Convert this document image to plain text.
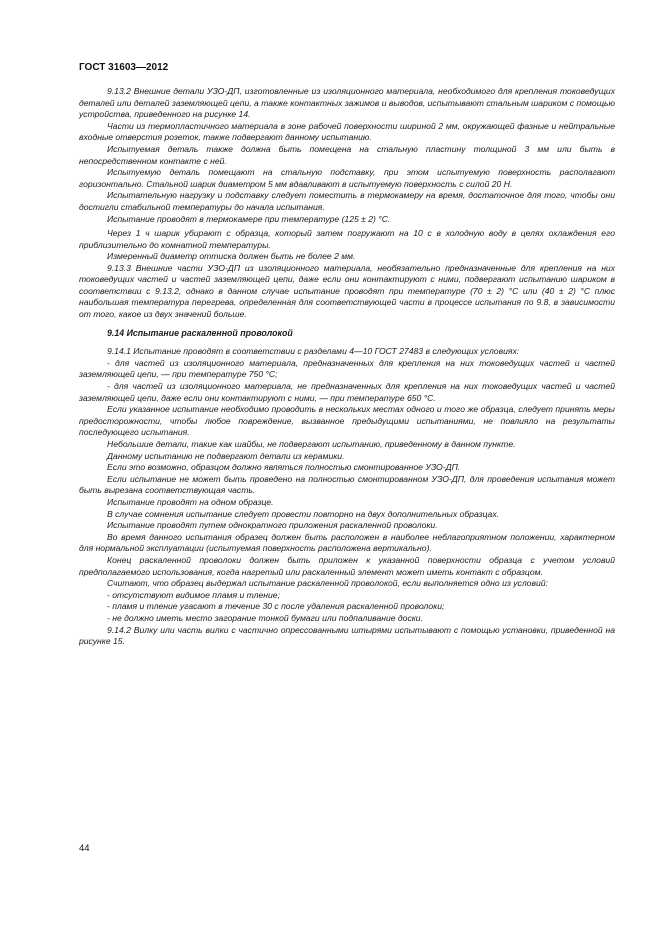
ГОСТ 31603—2012

9.13.2 Внешние детали УЗО-ДП, изготовленные из изоляционного материала, необходимого для крепления токоведущих деталей или деталей заземляющей цепи, а также контактных зажимов и выводов, испытывают стальным шариком с помощью устройства, приведенного на рисунке 14.

Части из термопластичного материала в зоне рабочей поверхности шириной 2 мм, окружающей фазные и нейтральные входные отверстия розеток, также подвергают данному испытанию.

Испытуемая деталь также должна быть помещена на стальную пластину толщиной 3 мм или быть в непосредственном контакте с ней.

Испытуемую деталь помещают на стальную подставку, при этом испытуемую поверхность располагают горизонтально. Стальной шарик диаметром 5 мм вдавливают в испытуемую поверхность с силой 20 Н.

Испытательную нагрузку и подставку следует поместить в термокамеру на время, достаточное для того, чтобы они достигли стабильной температуры до начала испытания.

Испытание проводят в термокамере при температуре (125 ± 2) °С.

Через 1 ч шарик убирают с образца, который затем погружают на 10 с в холодную воду в целях охлаждения его приблизительно до комнатной температуры.

Измеренный диаметр оттиска должен быть не более 2 мм.

9.13.3 Внешние части УЗО-ДП из изоляционного материала, необязательно предназначенные для крепления на них токоведущих частей и частей заземляющей цепи, даже если они контактируют с ними, подвергают испытанию шариком в соответствии с 9.13.2, однако в данном случае испытание проводят при температуре (70 ± 2) °С или (40 ± 2) °С плюс наибольшая температура перегрева, определенная для соответствующей части в процессе испытания по 9.8, в зависимости от того, какое из двух значений больше.

9.14 Испытание раскаленной проволокой

9.14.1 Испытание проводят в соответствии с разделами 4—10 ГОСТ 27483 в следующих условиях:

- для частей из изоляционного материала, предназначенных для крепления на них токоведущих частей и частей заземляющей цепи, — при температуре 750 °С;

- для частей из изоляционного материала, не предназначенных для крепления на них токоведущих частей и частей заземляющей цепи, даже если они контактируют с ними, — при температуре 650 °С.

Если указанное испытание необходимо проводить в нескольких местах одного и того же образца, следует принять меры предосторожности, чтобы любое повреждение, вызванное предыдущими испытаниями, не повлияло на результаты последующего испытания.

Небольшие детали, такие как шайбы, не подвергают испытанию, приведенному в данном пункте.

Данному испытанию не подвергают детали из керамики.

Если это возможно, образцом должно являться полностью смонтированное УЗО-ДП.

Если испытание не может быть проведено на полностью смонтированном УЗО-ДП, для проведения испытания может быть вырезана соответствующая часть.

Испытание проводят на одном образце.

В случае сомнения испытание следует провести повторно на двух дополнительных образцах.

Испытание проводят путем однократного приложения раскаленной проволоки.

Во время данного испытания образец должен быть расположен в наиболее неблагоприятном положении, характерном для нормальной эксплуатации (испытуемая поверхность расположена вертикально).

Конец раскаленной проволоки должен быть приложен к указанной поверхности образца с учетом условий предполагаемого использования, когда нагретый или раскаленный элемент может иметь контакт с образцом.

Считают, что образец выдержал испытание раскаленной проволокой, если выполняется одно из условий:

- отсутствуют видимое пламя и тление;

- пламя и тление угасают в течение 30 с после удаления раскаленной проволоки;

- не должно иметь место загорание тонкой бумаги или подпаливание доски.

9.14.2 Вилку или часть вилки с частично опрессованными штырями испытывают с помощью установки, приведенной на рисунке 15.

44
